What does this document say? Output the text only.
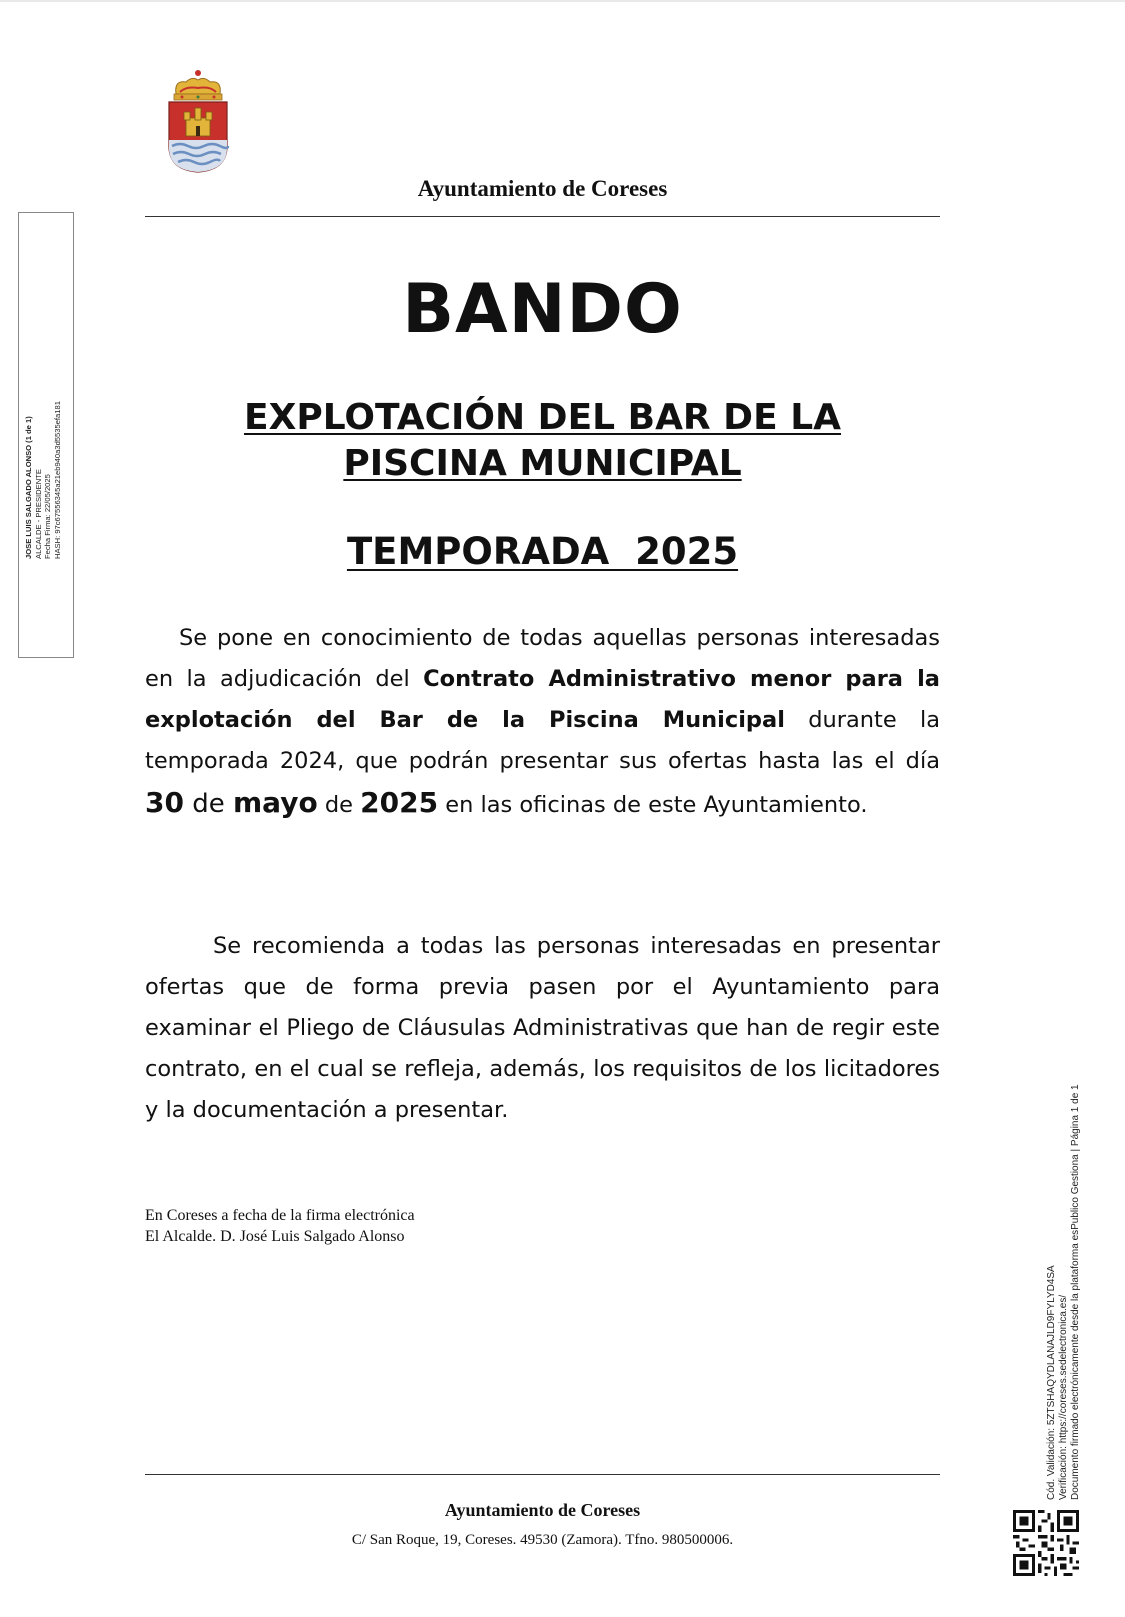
Ayuntamiento de Coreses
BANDO
EXPLOTACIÓN DEL BAR DE LA
PISCINA MUNICIPAL
TEMPORADA  2025
Se pone en conocimiento de todas aquellas personas interesadas en la adjudicación del Contrato Administrativo menor para la explotación del Bar de la Piscina Municipal durante la temporada 2024, que podrán presentar sus ofertas hasta las el día 30 de mayo de 2025 en las oficinas de este Ayuntamiento.
Se recomienda a todas las personas interesadas en presentar ofertas que de forma previa pasen por el Ayuntamiento para examinar el Pliego de Cláusulas Administrativas que han de regir este contrato, en el cual se refleja, además, los requisitos de los licitadores y la documentación a presentar.
En Coreses a fecha de la firma electrónica
El Alcalde. D. José Luis Salgado Alonso
Ayuntamiento de Coreses
C/ San Roque, 19, Coreses. 49530 (Zamora). Tfno. 980500006.
JOSE LUIS SALGADO ALONSO (1 de 1) ALCALDE - PRESIDENTE Fecha Firma: 22/05/2025 HASH: 97c67556345a21eb940a3d5535efa181
Cód. Validación: 5ZTSHAQYDLANAJLD9FYLYD4SA Verificación: https://coreses.sedelectronica.es/ Documento firmado electrónicamente desde la plataforma esPublico Gestiona | Página 1 de 1
